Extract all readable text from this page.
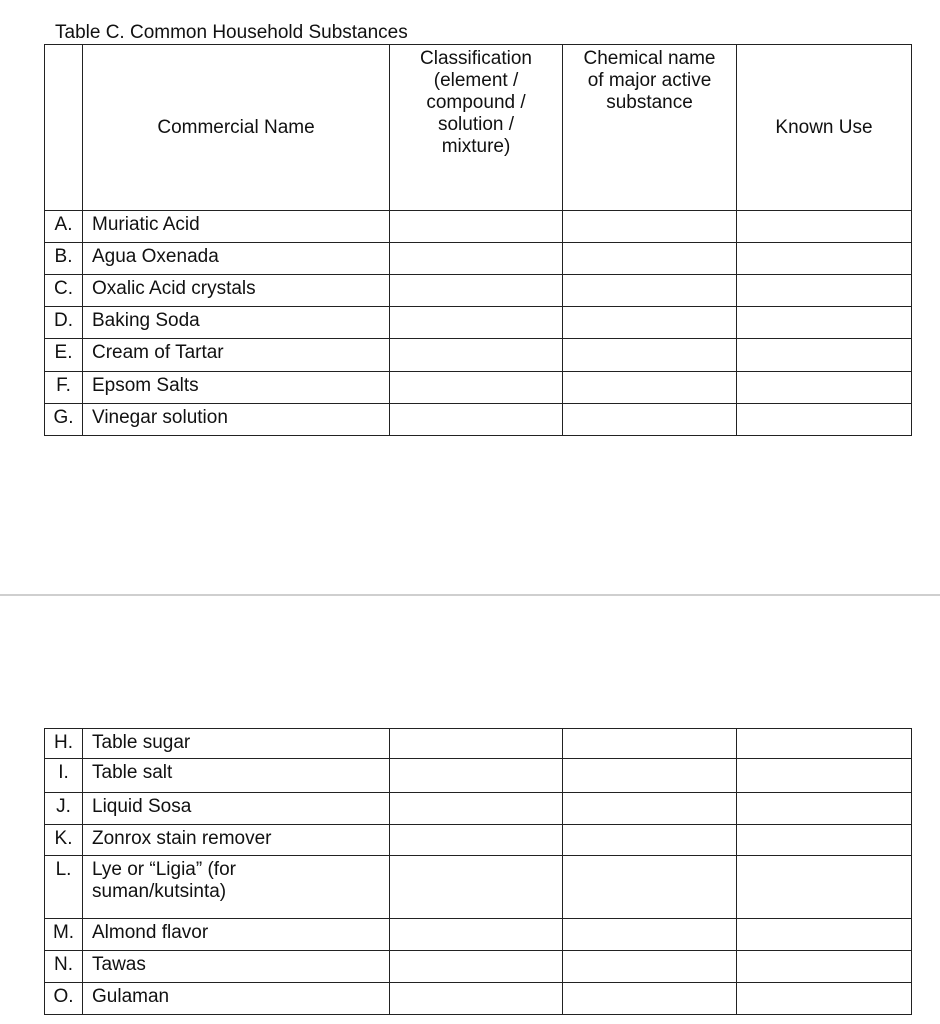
Table C. Common Household Substances
	Commercial Name	Classification
(element /
compound /
solution /
mixture)	Chemical name
of major active
substance	Known Use
A.	Muriatic Acid			
B.	Agua Oxenada			
C.	Oxalic Acid crystals			
D.	Baking Soda			
E.	Cream of Tartar			
F.	Epsom Salts			
G.	Vinegar solution			
H.	Table sugar			
I.	Table salt			
J.	Liquid Sosa			
K.	Zonrox stain remover			
L.	Lye or “Ligia” (for
suman/kutsinta)			
M.	Almond flavor			
N.	Tawas			
O.	Gulaman			
